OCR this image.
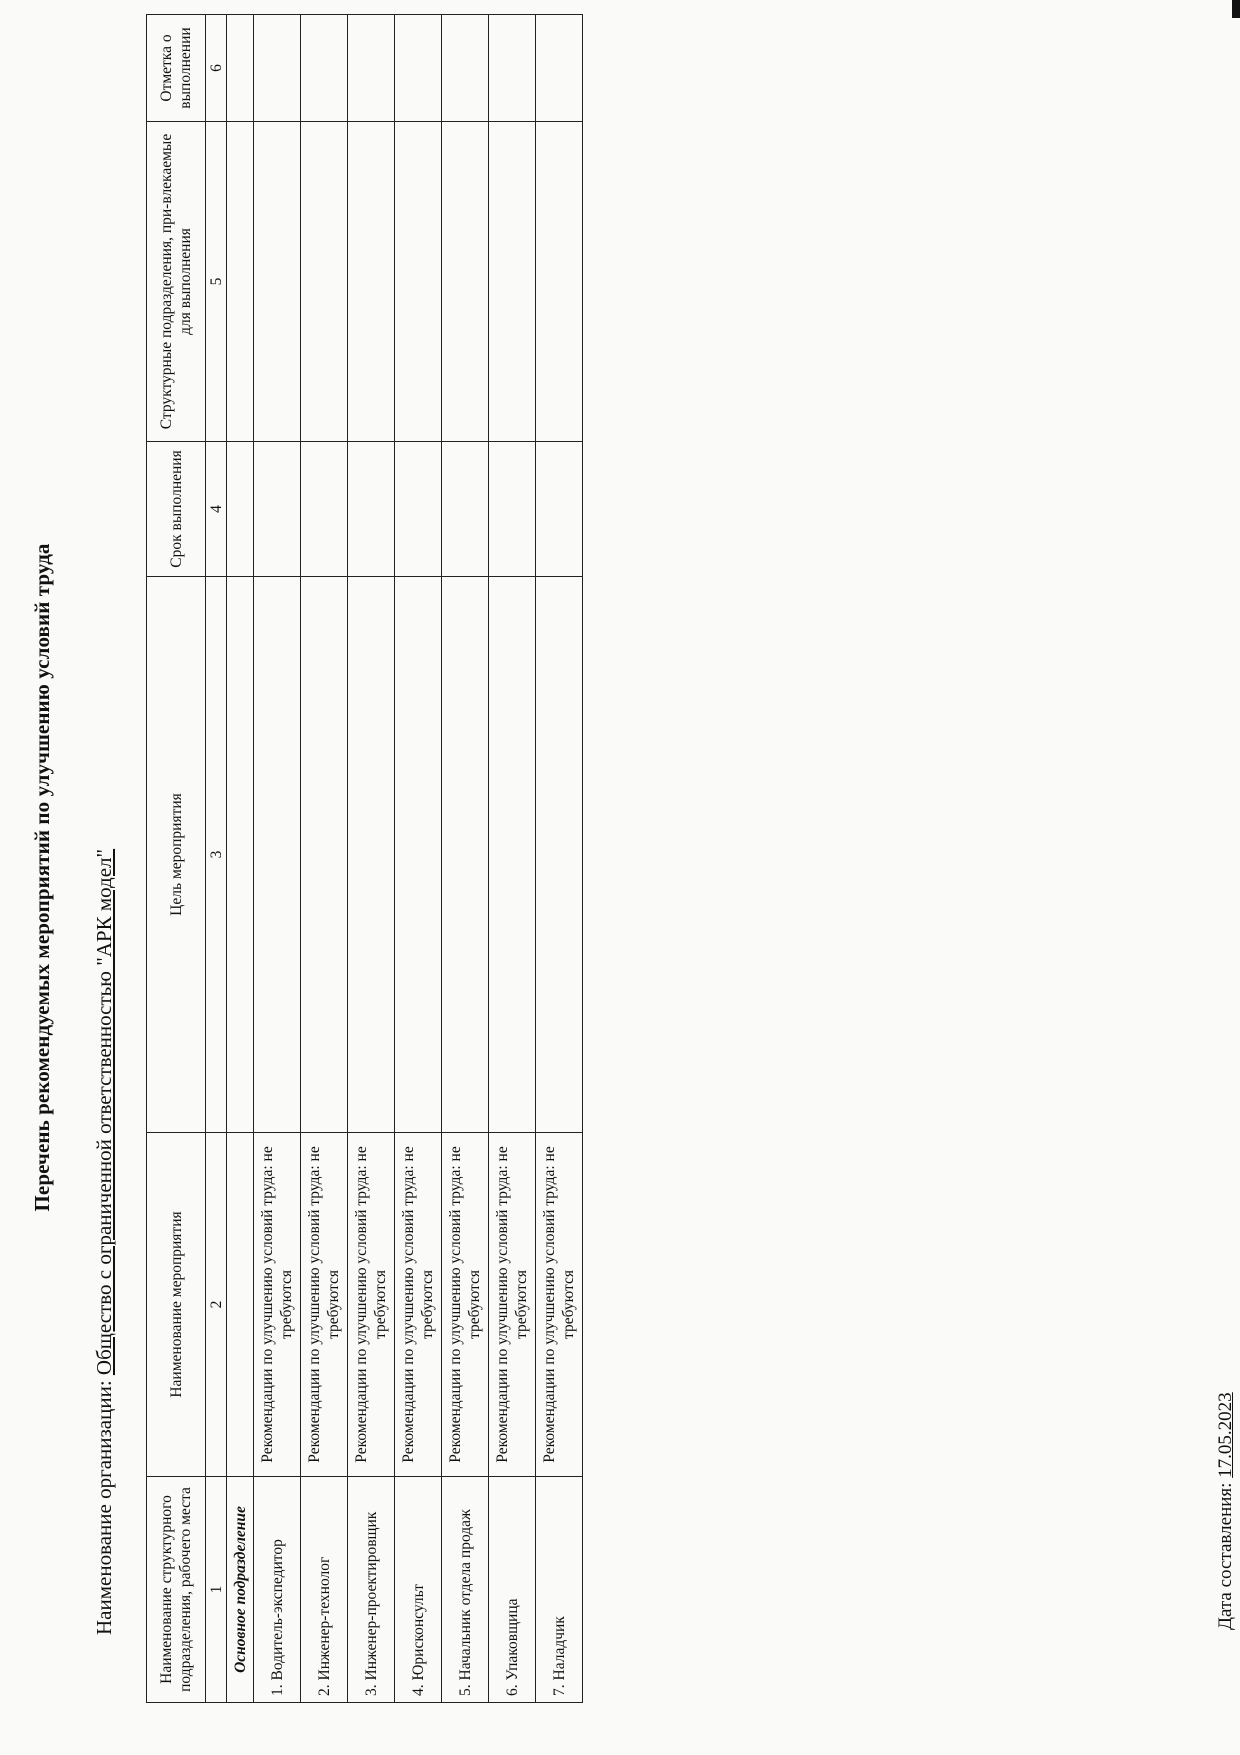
Перечень рекомендуемых мероприятий по улучшению условий труда
Наименование организации: Общество с ограниченной ответственностью "АРК модел"
Наименование структурного подразделения, рабочего места	Наименование мероприятия	Цель мероприятия	Срок выполнения	Структурные подразделения, при-влекаемые для выполнения	Отметка о выполнении
1	2	3	4	5	6
Основное подразделение					
1. Водитель-экспедитор	Рекомендации по улучшению условий труда: не требуются				
2. Инженер-технолог	Рекомендации по улучшению условий труда: не требуются				
3. Инженер-проектировщик	Рекомендации по улучшению условий труда: не требуются				
4. Юрисконсульт	Рекомендации по улучшению условий труда: не требуются				
5. Начальник отдела продаж	Рекомендации по улучшению условий труда: не требуются				
6. Упаковщица	Рекомендации по улучшению условий труда: не требуются				
7. Наладчик	Рекомендации по улучшению условий труда: не требуются				
Дата составления: 17.05.2023
